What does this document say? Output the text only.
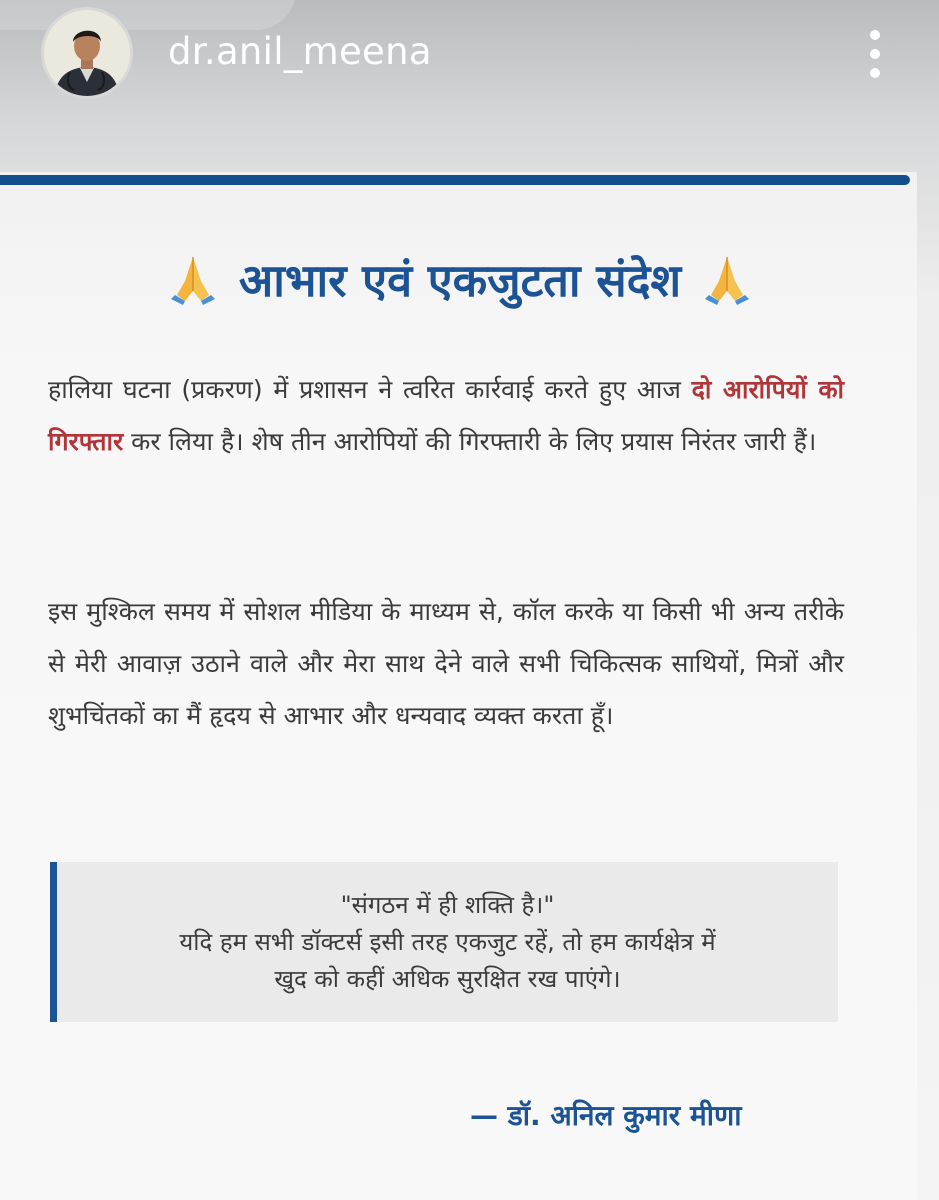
dr.anil_meena
आभार एवं एकजुटता संदेश
हालिया घटना (प्रकरण) में प्रशासन ने त्वरित कार्रवाई करते हुए आज दो आरोपियों को गिरफ्तार कर लिया है। शेष तीन आरोपियों की गिरफ्तारी के लिए प्रयास निरंतर जारी हैं।
इस मुश्किल समय में सोशल मीडिया के माध्यम से, कॉल करके या किसी भी अन्य तरीके से मेरी आवाज़ उठाने वाले और मेरा साथ देने वाले सभी चिकित्सक साथियों, मित्रों और शुभचिंतकों का मैं हृदय से आभार और धन्यवाद व्यक्त करता हूँ।
"संगठन में ही शक्ति है।"
यदि हम सभी डॉक्टर्स इसी तरह एकजुट रहें, तो हम कार्यक्षेत्र में
खुद को कहीं अधिक सुरक्षित रख पाएंगे।
— डॉ. अनिल कुमार मीणा
